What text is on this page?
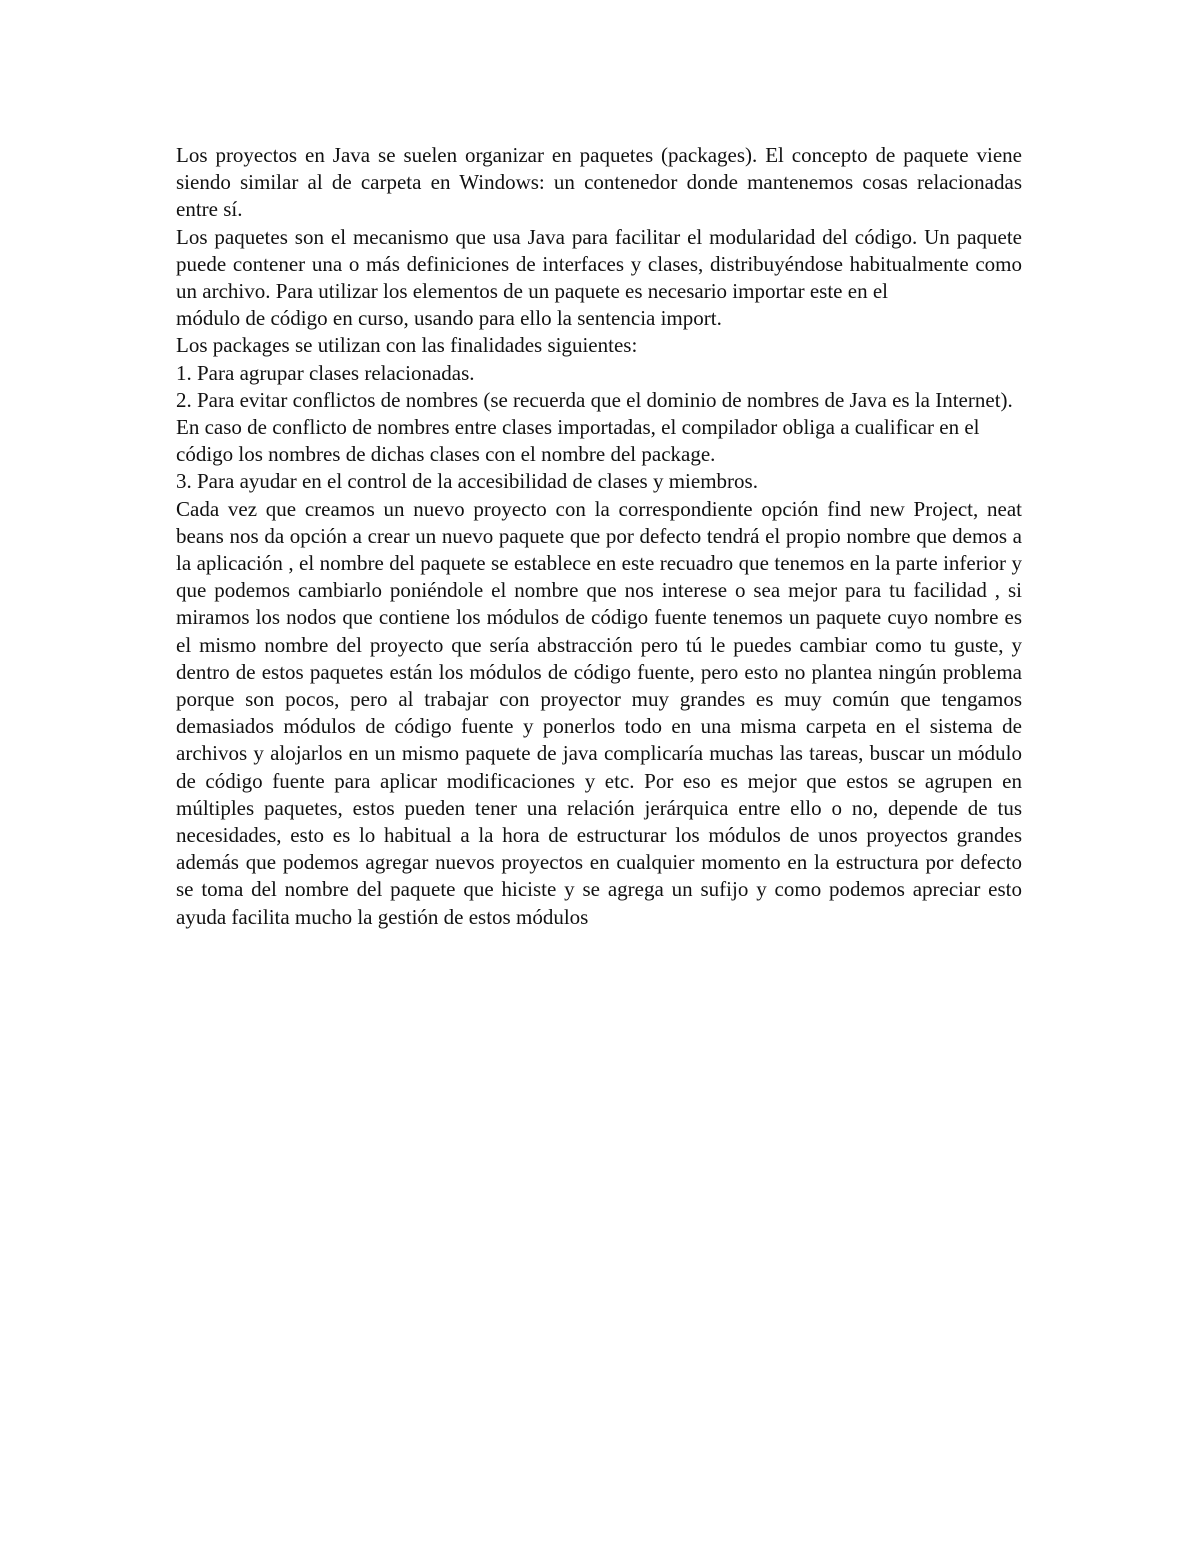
Los proyectos en Java se suelen organizar en paquetes (packages). El concepto de paquete viene siendo similar al de carpeta en Windows: un contenedor donde mantenemos cosas relacionadas entre sí.

Los paquetes son el mecanismo que usa Java para facilitar el modularidad del código. Un paquete puede contener una o más definiciones de interfaces y clases, distribuyéndose habitualmente como un archivo. Para utilizar los elementos de un paquete es necesario importar este en el

módulo de código en curso, usando para ello la sentencia import.

Los packages se utilizan con las finalidades siguientes:

1. Para agrupar clases relacionadas.

2. Para evitar conflictos de nombres (se recuerda que el dominio de nombres de Java es la Internet). En caso de conflicto de nombres entre clases importadas, el compilador obliga a cualificar en el código los nombres de dichas clases con el nombre del package.

3. Para ayudar en el control de la accesibilidad de clases y miembros.

Cada vez que creamos un nuevo proyecto con la correspondiente opción find new Project, neat beans nos da opción a crear un nuevo paquete que por defecto tendrá el propio nombre que demos a la aplicación , el nombre del paquete se establece en este recuadro que tenemos en la parte inferior y que podemos cambiarlo poniéndole el nombre que nos interese o sea mejor para tu facilidad , si miramos los nodos que contiene los módulos de código fuente tenemos un paquete cuyo nombre es el mismo nombre del proyecto que sería abstracción pero tú le puedes cambiar como tu guste, y dentro de estos paquetes están los módulos de código fuente, pero esto no plantea ningún problema porque son pocos, pero al trabajar con proyector muy grandes es muy común que tengamos demasiados módulos de código fuente y ponerlos todo en una misma carpeta en el sistema de archivos y alojarlos en un mismo paquete de java complicaría muchas las tareas, buscar un módulo de código fuente para aplicar modificaciones y etc. Por eso es mejor que estos se agrupen en múltiples paquetes, estos pueden tener una relación jerárquica entre ello o no, depende de tus necesidades, esto es lo habitual a la hora de estructurar los módulos de unos proyectos grandes además que podemos agregar nuevos proyectos en cualquier momento en la estructura por defecto se toma del nombre del paquete que hiciste y se agrega un sufijo y como podemos apreciar esto ayuda facilita mucho la gestión de estos módulos
